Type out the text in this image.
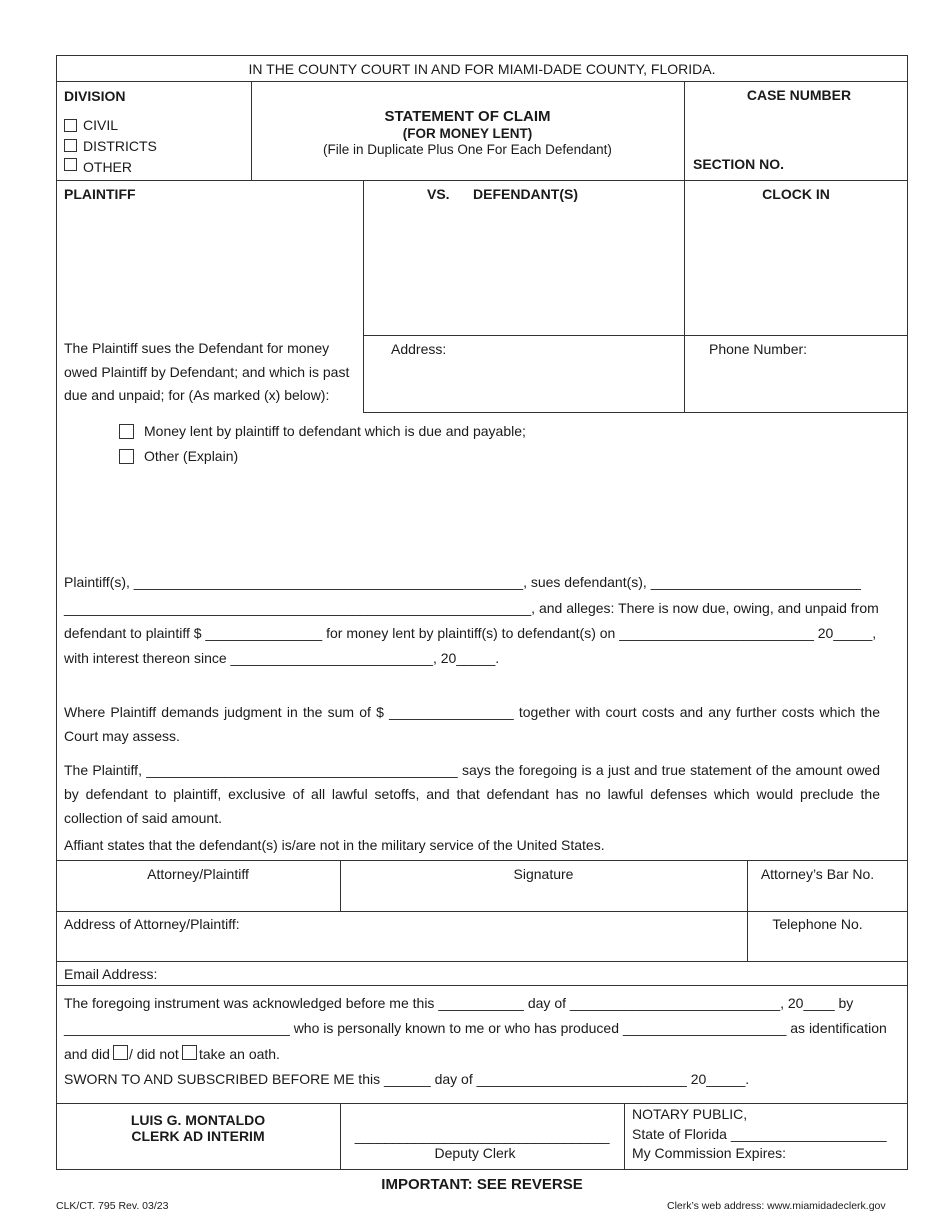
IN THE COUNTY COURT IN AND FOR MIAMI-DADE COUNTY, FLORIDA.
DIVISION
CIVIL
DISTRICTS
OTHER
STATEMENT OF CLAIM
(FOR MONEY LENT)
(File in Duplicate Plus One For Each Defendant)
CASE NUMBER
SECTION NO.
PLAINTIFF	VS. DEFENDANT(S)	CLOCK IN
The Plaintiff sues the Defendant for money owed Plaintiff by Defendant; and which is past due and unpaid; for (As marked (x) below):
Address:	Phone Number:
Money lent by plaintiff to defendant which is due and payable;
Other (Explain)
Plaintiff(s), __________________________________________________, sues defendant(s), ___________________________
____________________________________________________________, and alleges: There is now due, owing, and unpaid from
defendant to plaintiff $ _______________ for money lent by plaintiff(s) to defendant(s) on _________________________ 20_____,
with interest thereon since __________________________, 20_____.
Where Plaintiff demands judgment in the sum of $ ________________ together with court costs and any further costs which the Court may assess.
The Plaintiff, ________________________________________ says the foregoing is a just and true statement of the amount owed by defendant to plaintiff, exclusive of all lawful setoffs, and that defendant has no lawful defenses which would preclude the collection of said amount.
Affiant states that the defendant(s) is/are not in the military service of the United States.
Attorney/Plaintiff	Signature	Attorney’s Bar No.
Address of Attorney/Plaintiff:	Telephone No.
Email Address:
The foregoing instrument was acknowledged before me this ___________ day of ___________________________, 20____ by
_____________________________ who is personally known to me or who has produced _____________________ as identification
and did / did not take an oath.
SWORN TO AND SUBSCRIBED BEFORE ME this ______ day of ___________________________ 20_____.
LUIS G. MONTALDO
CLERK AD INTERIM	__________________________________
Deputy Clerk
NOTARY PUBLIC,
State of Florida ____________________
My Commission Expires:
IMPORTANT: SEE REVERSE
CLK/CT. 795 Rev. 03/23	Clerk’s web address: www.miamidadeclerk.gov
